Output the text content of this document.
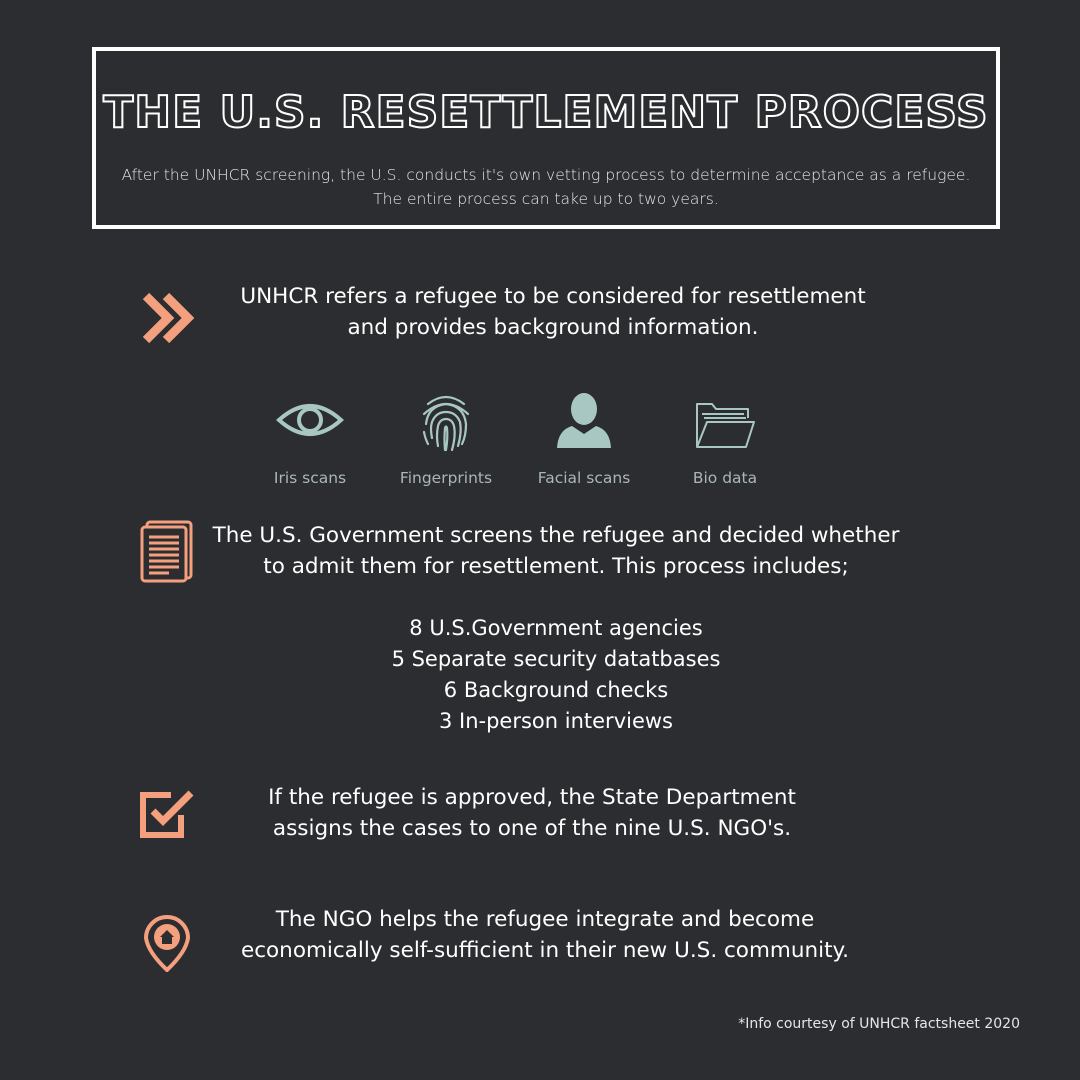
THE U.S. RESETTLEMENT PROCESS
After the UNHCR screening, the U.S. conducts it's own vetting process to determine acceptance as a refugee.
The entire process can take up to two years.
UNHCR refers a refugee to be considered for resettlement
and provides background information.
Iris scans	Fingerprints	Facial scans	Bio data
The U.S. Government screens the refugee and decided whether
to admit them for resettlement. This process includes;
8 U.S.Government agencies
5 Separate security datatbases
6 Background checks
3 In-person interviews
If the refugee is approved, the State Department
assigns the cases to one of the nine U.S. NGO's.
The NGO helps the refugee integrate and become
economically self-sufficient in their new U.S. community.
*Info courtesy of UNHCR factsheet 2020
